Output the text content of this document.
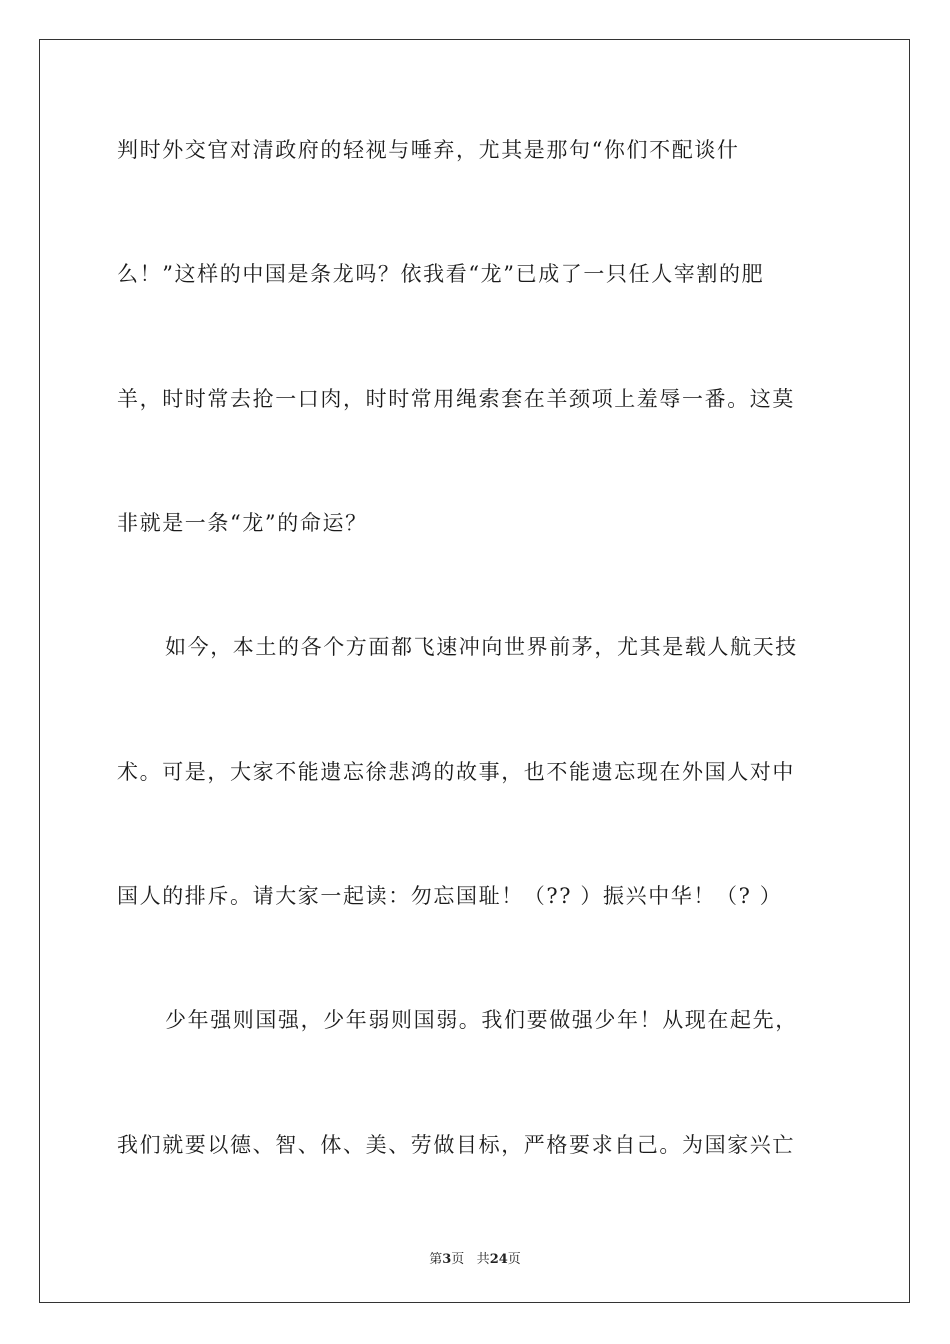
判时外交官对清政府的轻视与唾弃，尤其是那句“你们不配谈什
么！”这样的中国是条龙吗？依我看“龙”已成了一只任人宰割的肥
羊，时时常去抢一口肉，时时常用绳索套在羊颈项上羞辱一番。这莫
非就是一条“龙”的命运？
如今，本土的各个方面都飞速冲向世界前茅，尤其是载人航天技
术。可是，大家不能遗忘徐悲鸿的故事，也不能遗忘现在外国人对中
国人的排斥。请大家一起读：勿忘国耻！（?? ）振兴中华！（? ）
少年强则国强，少年弱则国弱。我们要做强少年！从现在起先，
我们就要以德、智、体、美、劳做目标，严格要求自己。为国家兴亡
第3页 共24页
